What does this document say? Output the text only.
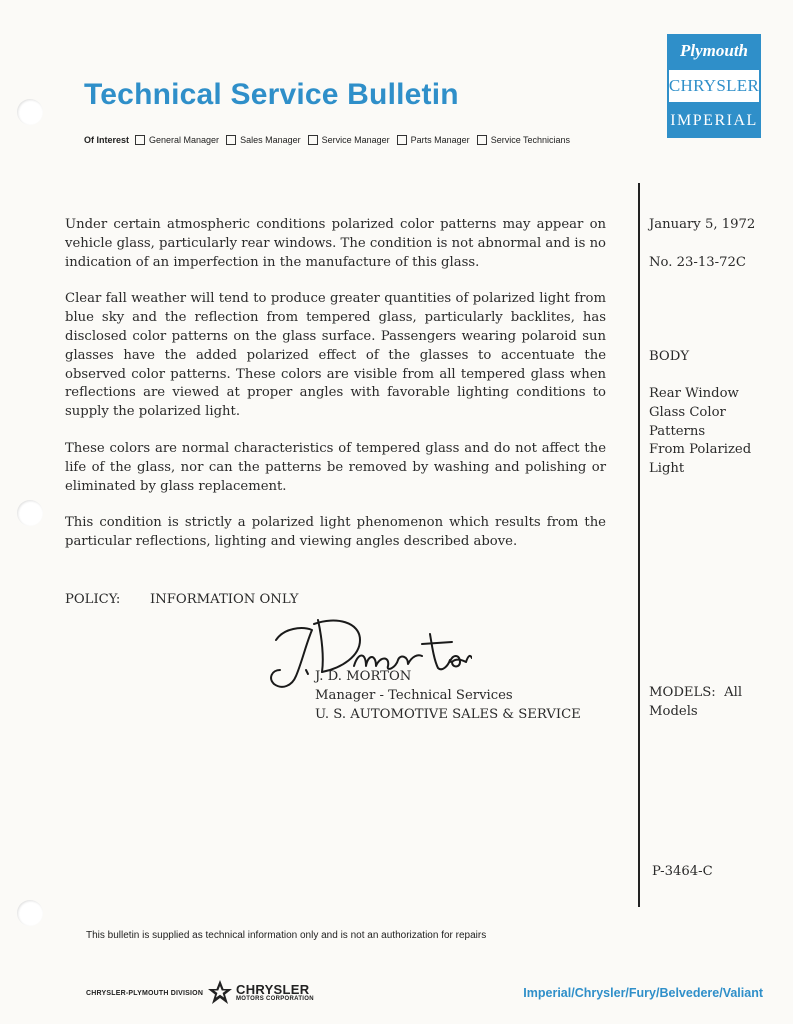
Technical Service Bulletin
Of Interest General Manager Sales Manager Service Manager Parts Manager Service Technicians
Plymouth
CHRYSLER
IMPERIAL

Under certain atmospheric conditions polarized color patterns may appear on vehicle glass, particularly rear windows. The condition is not abnormal and is no indication of an imperfection in the manufacture of this glass.

Clear fall weather will tend to produce greater quantities of polarized light from blue sky and the reflection from tempered glass, particularly backlites, has disclosed color patterns on the glass surface. Passengers wearing polaroid sun glasses have the added polarized effect of the glasses to accentuate the observed color patterns. These colors are visible from all tempered glass when reflections are viewed at proper angles with favorable lighting conditions to supply the polarized light.

These colors are normal characteristics of tempered glass and do not affect the life of the glass, nor can the patterns be removed by washing and polishing or eliminated by glass replacement.

This condition is strictly a polarized light phenomenon which results from the particular reflections, lighting and viewing angles described above.

POLICY: INFORMATION ONLY
J. D. MORTON
Manager - Technical Services
U. S. AUTOMOTIVE SALES & SERVICE
January 5, 1972
No. 23-13-72C
BODY
Rear Window
Glass Color
Patterns
From Polarized
Light
MODELS:  All
Models
P-3464-C
This bulletin is supplied as technical information only and is not an authorization for repairs
CHRYSLER-PLYMOUTH DIVISION	CHRYSLER
MOTORS CORPORATION	Imperial/Chrysler/Fury/Belvedere/Valiant
